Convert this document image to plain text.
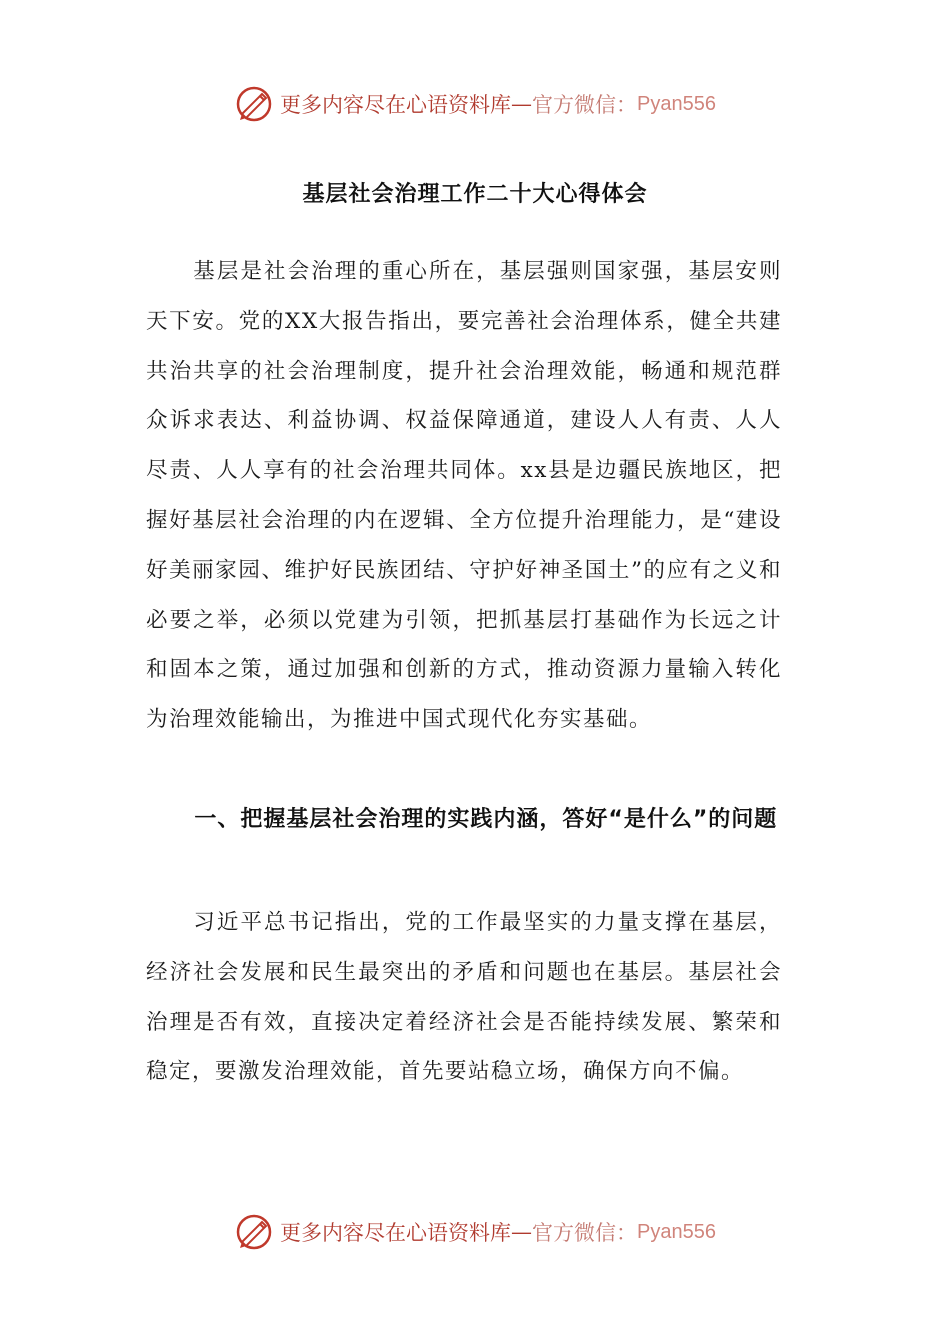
更多内容尽在心语资料库 — 官方微信： Pyan556
基层社会治理工作二十大心得体会

基层是社会治理的重心所在，基层强则国家强，基层安则天下安。党的XX大报告指出，要完善社会治理体系，健全共建共治共享的社会治理制度，提升社会治理效能，畅通和规范群众诉求表达、利益协调、权益保障通道，建设人人有责、人人尽责、人人享有的社会治理共同体。xx县是边疆民族地区，把握好基层社会治理的内在逻辑、全方位提升治理能力，是“建设好美丽家园、维护好民族团结、守护好神圣国土”的应有之义和必要之举，必须以党建为引领，把抓基层打基础作为长远之计和固本之策，通过加强和创新的方式，推动资源力量输入转化为治理效能输出，为推进中国式现代化夯实基础。

一、把握基层社会治理的实践内涵，答好“是什么”的问题

习近平总书记指出，党的工作最坚实的力量支撑在基层，经济社会发展和民生最突出的矛盾和问题也在基层。基层社会治理是否有效，直接决定着经济社会是否能持续发展、繁荣和稳定，要激发治理效能，首先要站稳立场，确保方向不偏。

更多内容尽在心语资料库 — 官方微信： Pyan556
